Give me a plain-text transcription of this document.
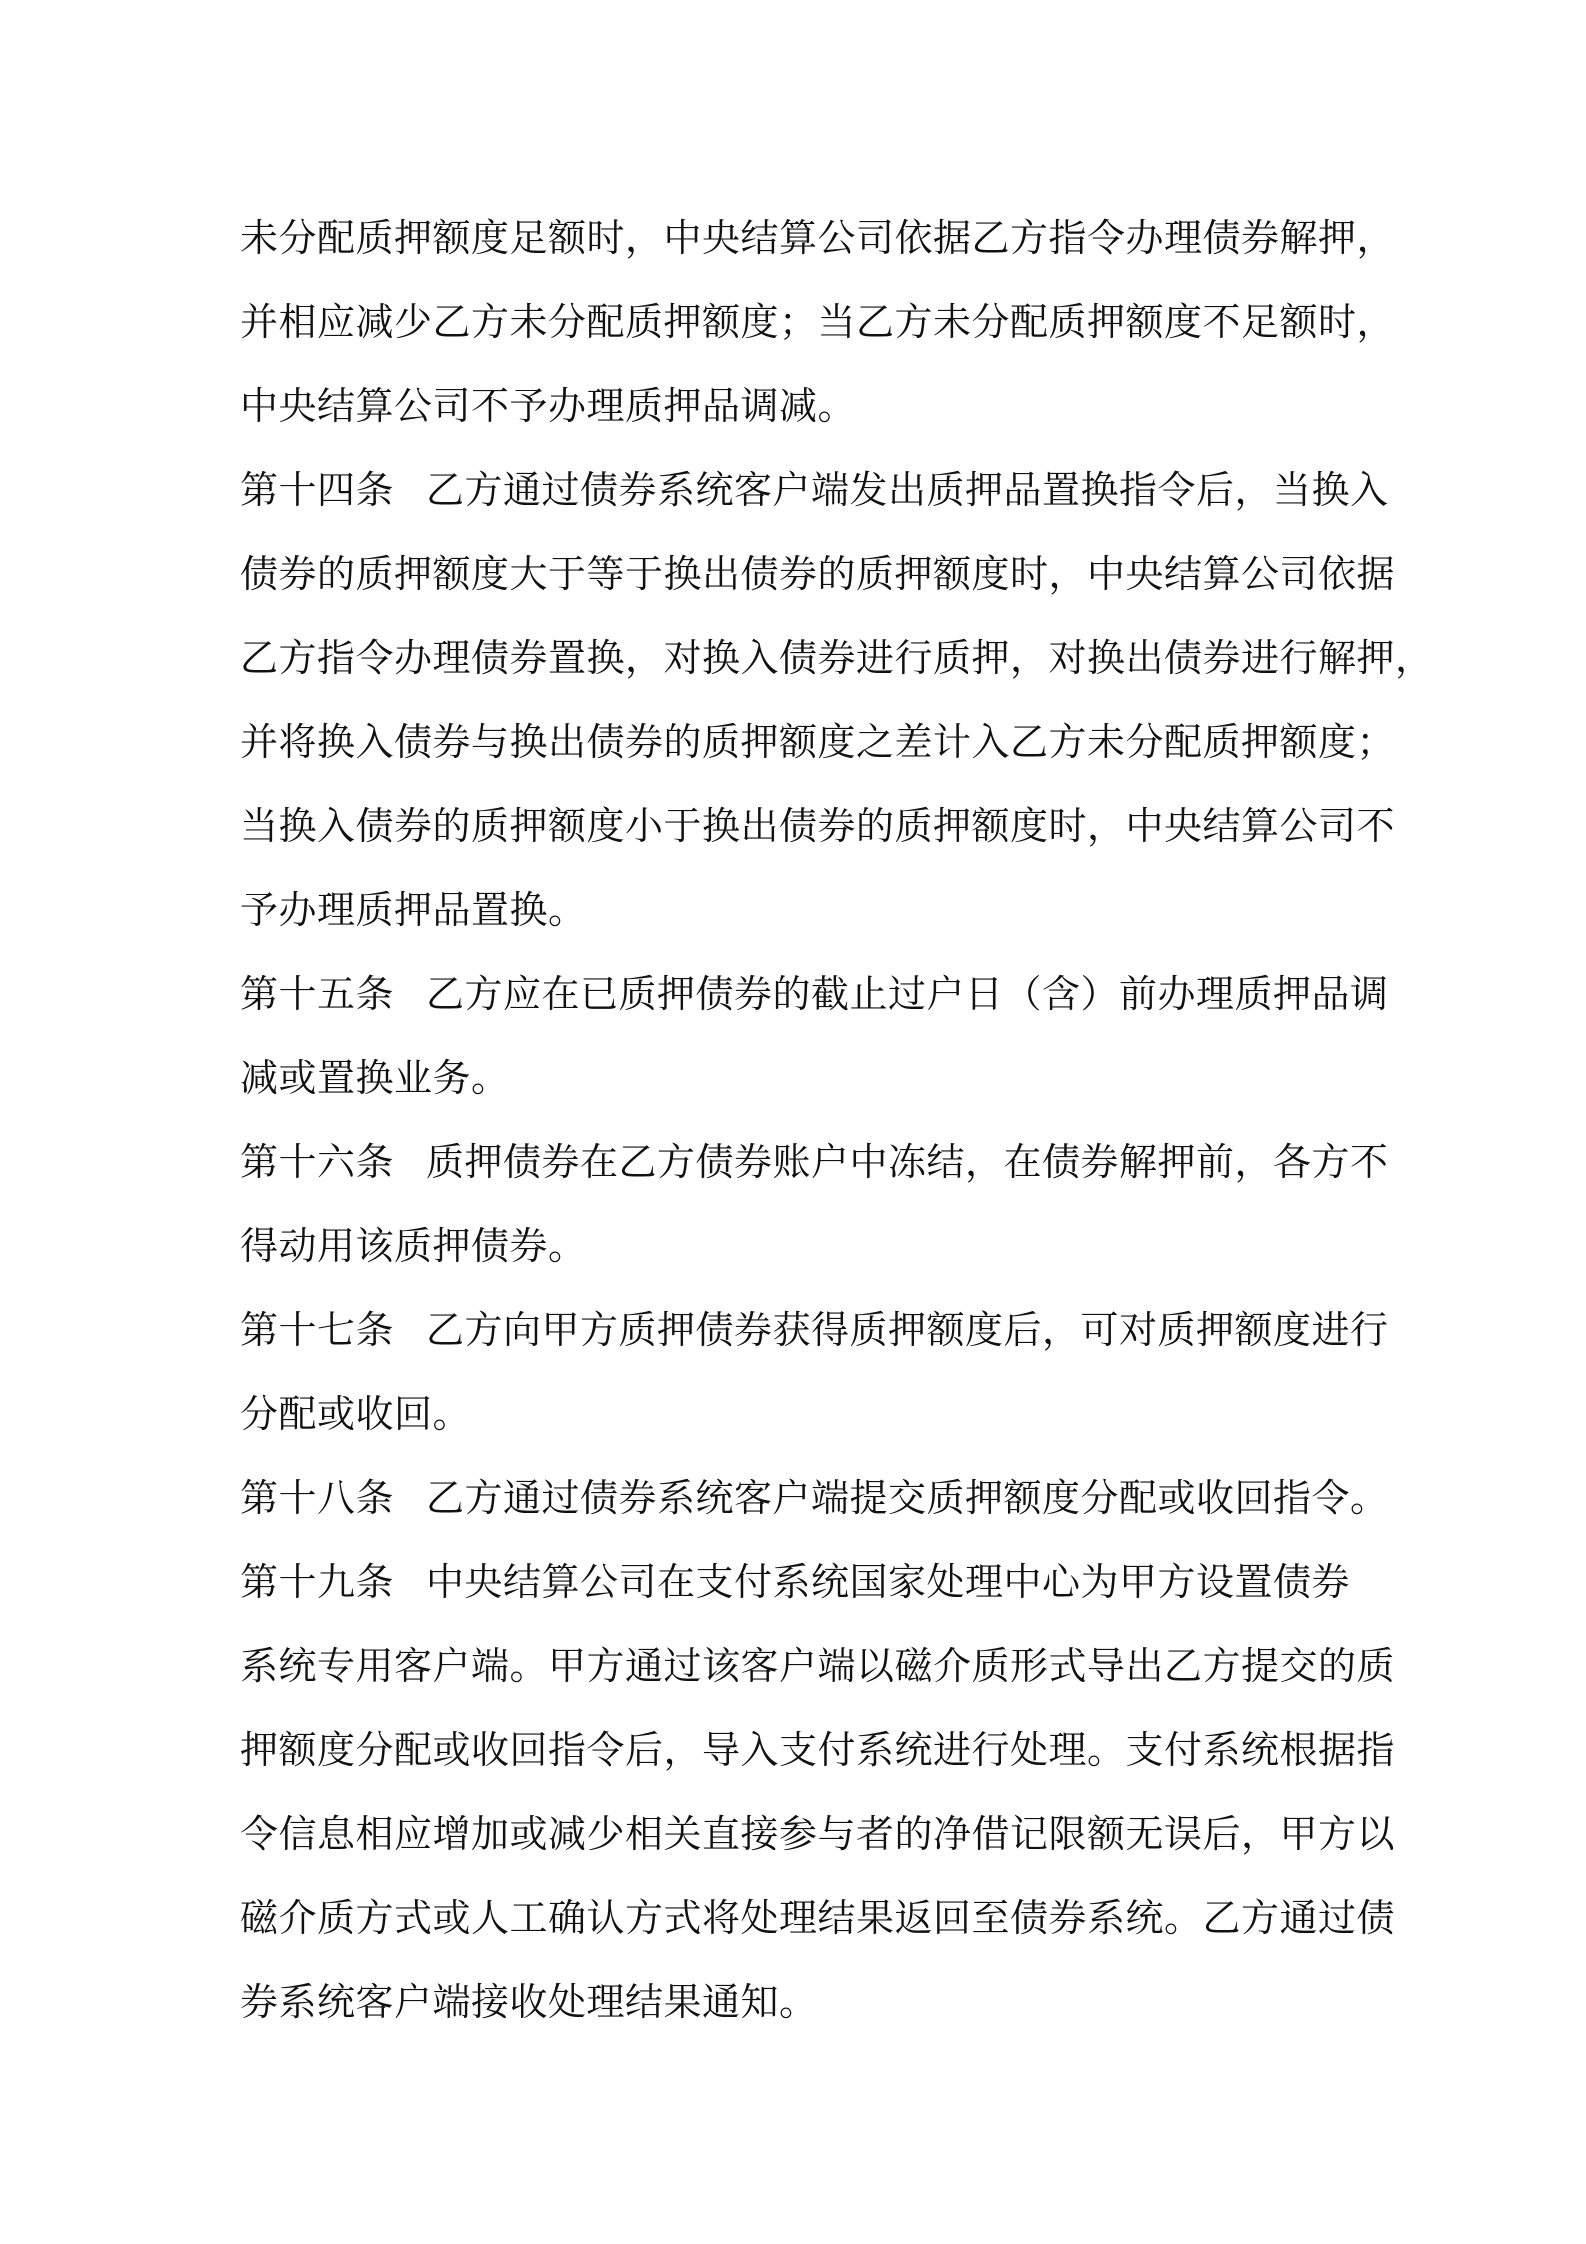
未分配质押额度足额时，中央结算公司依据乙方指令办理债券解押，
并相应减少乙方未分配质押额度；当乙方未分配质押额度不足额时，
中央结算公司不予办理质押品调减。
第十四条 乙方通过债券系统客户端发出质押品置换指令后，当换入
债券的质押额度大于等于换出债券的质押额度时，中央结算公司依据
乙方指令办理债券置换，对换入债券进行质押，对换出债券进行解押，
并将换入债券与换出债券的质押额度之差计入乙方未分配质押额度；
当换入债券的质押额度小于换出债券的质押额度时，中央结算公司不
予办理质押品置换。
第十五条 乙方应在已质押债券的截止过户日（含）前办理质押品调
减或置换业务。
第十六条 质押债券在乙方债券账户中冻结，在债券解押前，各方不
得动用该质押债券。
第十七条 乙方向甲方质押债券获得质押额度后，可对质押额度进行
分配或收回。
第十八条 乙方通过债券系统客户端提交质押额度分配或收回指令。
第十九条 中央结算公司在支付系统国家处理中心为甲方设置债券
系统专用客户端。甲方通过该客户端以磁介质形式导出乙方提交的质
押额度分配或收回指令后，导入支付系统进行处理。支付系统根据指
令信息相应增加或减少相关直接参与者的净借记限额无误后，甲方以
磁介质方式或人工确认方式将处理结果返回至债券系统。乙方通过债
券系统客户端接收处理结果通知。
